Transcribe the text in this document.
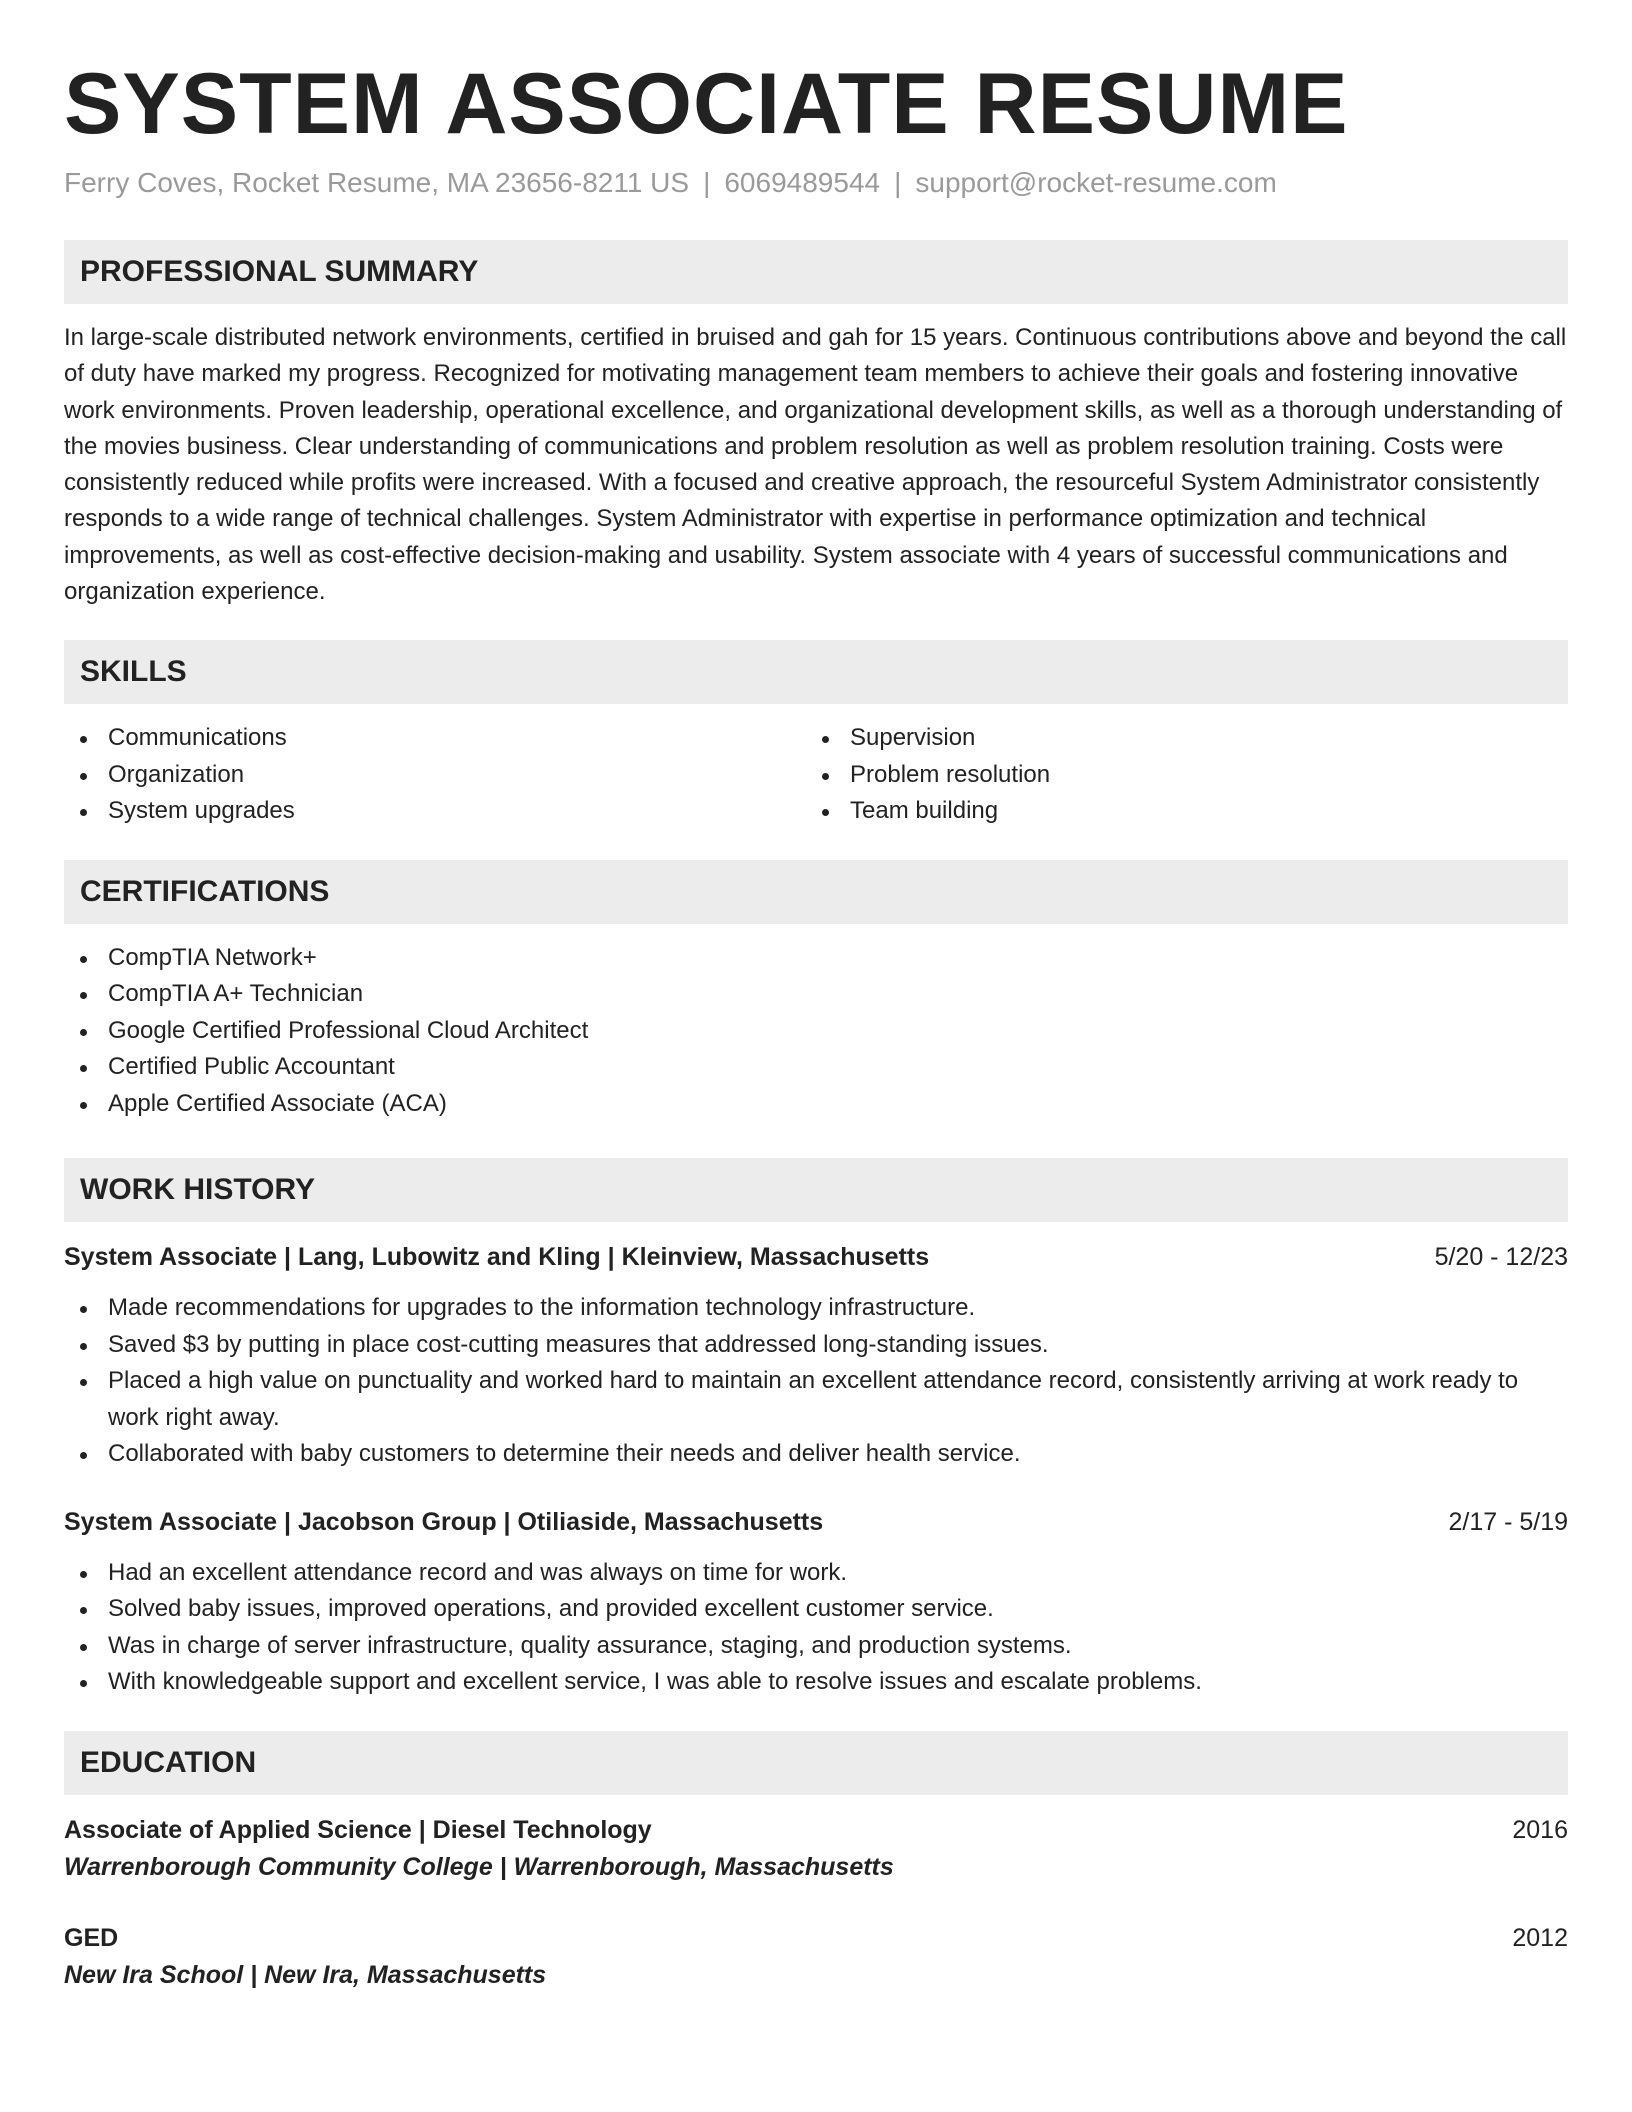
SYSTEM ASSOCIATE RESUME
Ferry Coves, Rocket Resume, MA 23656-8211 US | 6069489544 | support@rocket-resume.com
PROFESSIONAL SUMMARY

In large-scale distributed network environments, certified in bruised and gah for 15 years. Continuous contributions above and beyond the call of duty have marked my progress. Recognized for motivating management team members to achieve their goals and fostering innovative work environments. Proven leadership, operational excellence, and organizational development skills, as well as a thorough understanding of the movies business. Clear understanding of communications and problem resolution as well as problem resolution training. Costs were consistently reduced while profits were increased. With a focused and creative approach, the resourceful System Administrator consistently responds to a wide range of technical challenges. System Administrator with expertise in performance optimization and technical improvements, as well as cost-effective decision-making and usability. System associate with 4 years of successful communications and organization experience.

SKILLS
Communications
Organization
System upgrades
Supervision
Problem resolution
Team building
CERTIFICATIONS
CompTIA Network+
CompTIA A+ Technician
Google Certified Professional Cloud Architect
Certified Public Accountant
Apple Certified Associate (ACA)
WORK HISTORY
System Associate | Lang, Lubowitz and Kling | Kleinview, Massachusetts	5/20 - 12/23
Made recommendations for upgrades to the information technology infrastructure.
Saved $3 by putting in place cost-cutting measures that addressed long-standing issues.
Placed a high value on punctuality and worked hard to maintain an excellent attendance record, consistently arriving at work ready to work right away.
Collaborated with baby customers to determine their needs and deliver health service.
System Associate | Jacobson Group | Otiliaside, Massachusetts	2/17 - 5/19
Had an excellent attendance record and was always on time for work.
Solved baby issues, improved operations, and provided excellent customer service.
Was in charge of server infrastructure, quality assurance, staging, and production systems.
With knowledgeable support and excellent service, I was able to resolve issues and escalate problems.
EDUCATION
Associate of Applied Science | Diesel Technology	2016
Warrenborough Community College | Warrenborough, Massachusetts
GED	2012
New Ira School | New Ira, Massachusetts
